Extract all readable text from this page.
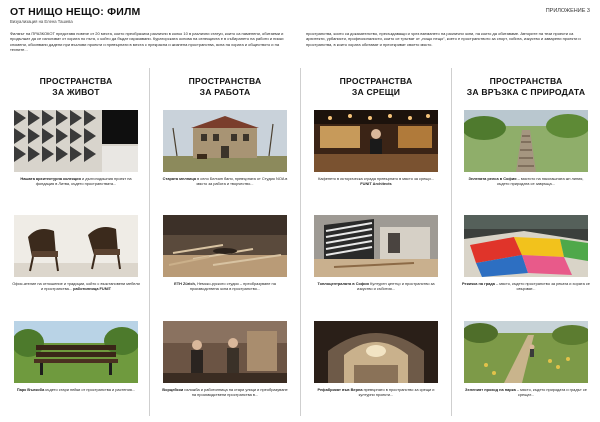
ОТ НИЩО НЕЩО: ФИЛМ
Визуализация на Елена Ташева
ПРИЛОЖЕНИЕ 3
Филмът на ПРАЗКОКОТ представя повече от 20 места, които преобразиха различни в колко 10 в различни статуи, които са наменени, обитаеми и продължат да се използват от хората по пътя, с който да бъдат изразявани. Кураторската основа на селекцията е в събирането на работи и ниски спомени, обсипвани дадени при възлови проекти и превърнати в места с прекрасна и жизнена пространства, ясна на хората и обществото и на техните...
пространства, които са доказателство, пресъздаващи и чрез вземането на различни зони, на които да обитаваме. Авторите на тези проекти са архитекти, урбанисти, професионалисти, които се тръгват от „нищо нещо“, което е пространството за спорт, хобита, изкуство и заварени проекти и пространства, в които хората обитават и преоткриват своето място.
ПРОСТРАНСТВА
ЗА ЖИВОТ
Нашата архитектурна колекция и дългогодишния проект на фондация в Литва, където пространствата...
Офис-ателие на отношение и традиции, който с възстановени мебели и пространства... работилница FUNIT
Парк Вълкоба където стари пейки от пространства и растения...
ПРОСТРАНСТВА
ЗА РАБОТА
Старата мелница в село Белчин баня, превърната от Студио NOA в място за работа и творчество...
ETH Zürich, Немско-руското студио – преобразуване на производствена зона в пространство...
Ворцейски изложба и работилница на стари улици и преобразуване на производствени пространства в...
ПРОСТРАНСТВА
ЗА СРЕЩИ
Кафенето в историческа сграда превърнато в място за срещи... FUNIT Architects
Топлоцентралата в София Културен център и пространство за изкуство и събития...
Рефабрикат във Верна превърнато в пространство за срещи и културни проекти...
ПРОСТРАНСТВА
ЗА ВРЪЗКА С ПРИРОДАТА
Зелената релса в София – мястото на някогашната жп линия, където природата се завръща...
Рекичка на града – място, където пространство за реката и хората се свързват...
Зеленият проход на парка – място, където природата и градът се срещат...
